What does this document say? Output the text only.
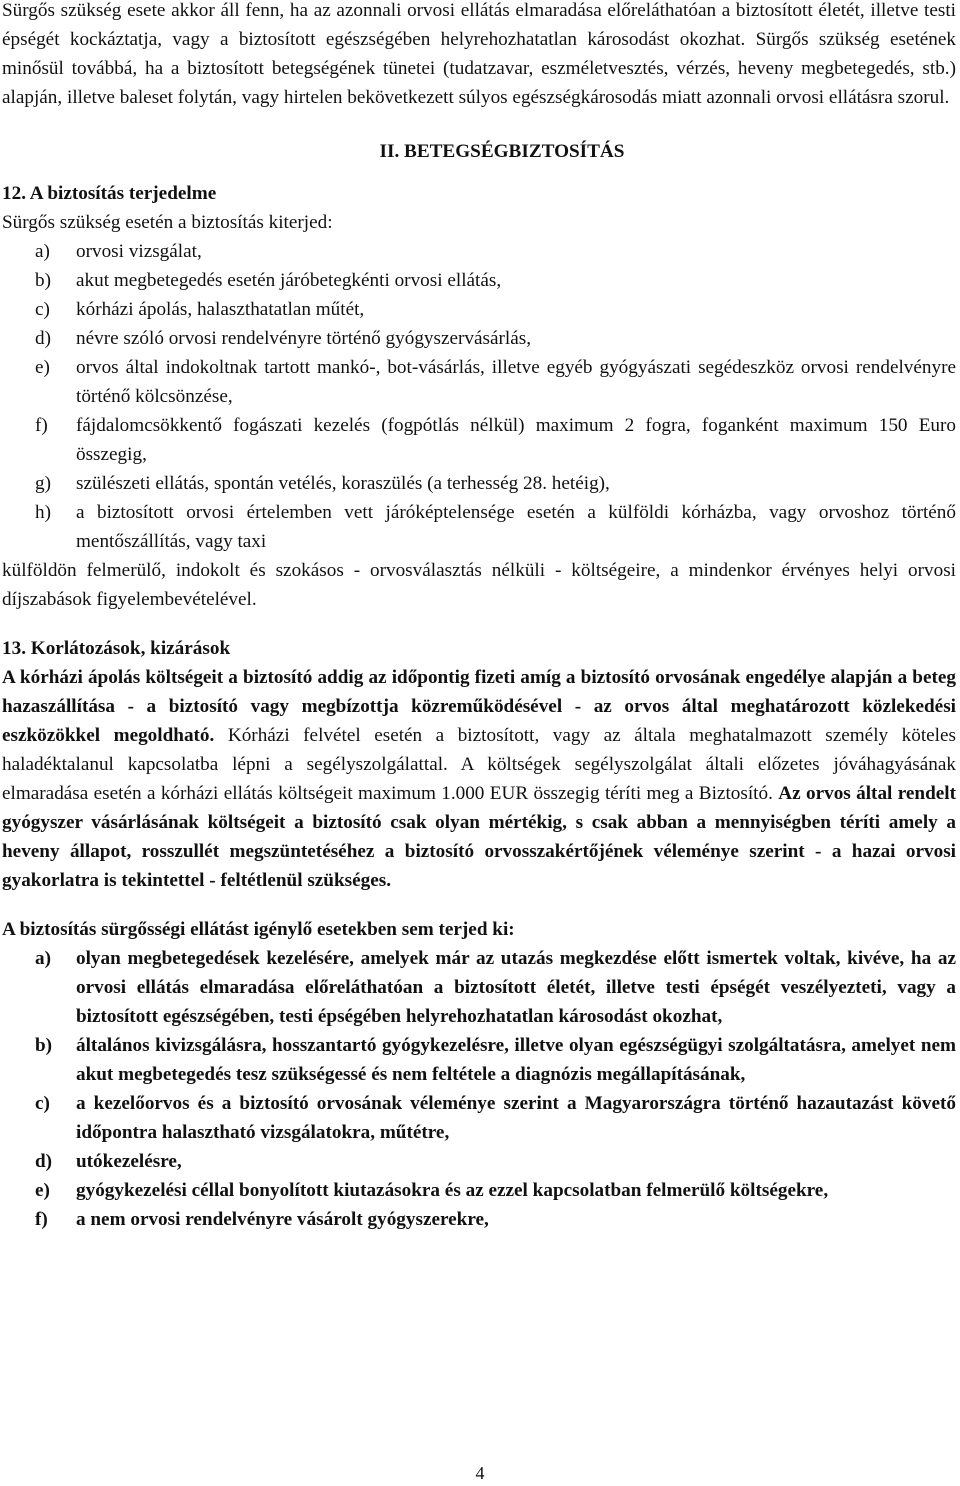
Sürgős szükség esete akkor áll fenn, ha az azonnali orvosi ellátás elmaradása előreláthatóan a biztosított életét, illetve testi épségét kockáztatja, vagy a biztosított egészségében helyrehozhatatlan károsodást okozhat. Sürgős szükség esetének minősül továbbá, ha a biztosított betegségének tünetei (tudatzavar, eszméletvesztés, vérzés, heveny megbetegedés, stb.) alapján, illetve baleset folytán, vagy hirtelen bekövetkezett súlyos egészségkárosodás miatt azonnali orvosi ellátásra szorul.

II. BETEGSÉGBIZTOSÍTÁS

12. A biztosítás terjedelme

Sürgős szükség esetén a biztosítás kiterjed:

a) orvosi vizsgálat,
b) akut megbetegedés esetén járóbetegkénti orvosi ellátás,
c) kórházi ápolás, halaszthatatlan műtét,
d) névre szóló orvosi rendelvényre történő gyógyszervásárlás,
e) orvos által indokoltnak tartott mankó-, bot-vásárlás, illetve egyéb gyógyászati segédeszköz orvosi rendelvényre történő kölcsönzése,
f) fájdalomcsökkentő fogászati kezelés (fogpótlás nélkül) maximum 2 fogra, foganként maximum 150 Euro összegig,
g) szülészeti ellátás, spontán vetélés, koraszülés (a terhesség 28. hetéig),
h) a biztosított orvosi értelemben vett járóképtelensége esetén a külföldi kórházba, vagy orvoshoz történő mentőszállítás, vagy taxi

külföldön felmerülő, indokolt és szokásos - orvosválasztás nélküli - költségeire, a mindenkor érvényes helyi orvosi díjszabások figyelembevételével.

13. Korlátozások, kizárások

A kórházi ápolás költségeit a biztosító addig az időpontig fizeti amíg a biztosító orvosának engedélye alapján a beteg hazaszállítása - a biztosító vagy megbízottja közreműködésével - az orvos által meghatározott közlekedési eszközökkel megoldható. Kórházi felvétel esetén a biztosított, vagy az általa meghatalmazott személy köteles haladéktalanul kapcsolatba lépni a segélyszolgálattal. A költségek segélyszolgálat általi előzetes jóváhagyásának elmaradása esetén a kórházi ellátás költségeit maximum 1.000 EUR összegig téríti meg a Biztosító. Az orvos által rendelt gyógyszer vásárlásának költségeit a biztosító csak olyan mértékig, s csak abban a mennyiségben téríti amely a heveny állapot, rosszullét megszüntetéséhez a biztosító orvosszakértőjének véleménye szerint - a hazai orvosi gyakorlatra is tekintettel - feltétlenül szükséges.

A biztosítás sürgősségi ellátást igénylő esetekben sem terjed ki:

a) olyan megbetegedések kezelésére, amelyek már az utazás megkezdése előtt ismertek voltak, kivéve, ha az orvosi ellátás elmaradása előreláthatóan a biztosított életét, illetve testi épségét veszélyezteti, vagy a biztosított egészségében, testi épségében helyrehozhatatlan károsodást okozhat,
b) általános kivizsgálásra, hosszantartó gyógykezelésre, illetve olyan egészségügyi szolgáltatásra, amelyet nem akut megbetegedés tesz szükségessé és nem feltétele a diagnózis megállapításának,
c) a kezelőorvos és a biztosító orvosának véleménye szerint a Magyarországra történő hazautazást követő időpontra halasztható vizsgálatokra, műtétre,
d) utókezelésre,
e) gyógykezelési céllal bonyolított kiutazásokra és az ezzel kapcsolatban felmerülő költségekre,
f) a nem orvosi rendelvényre vásárolt gyógyszerekre,
4
